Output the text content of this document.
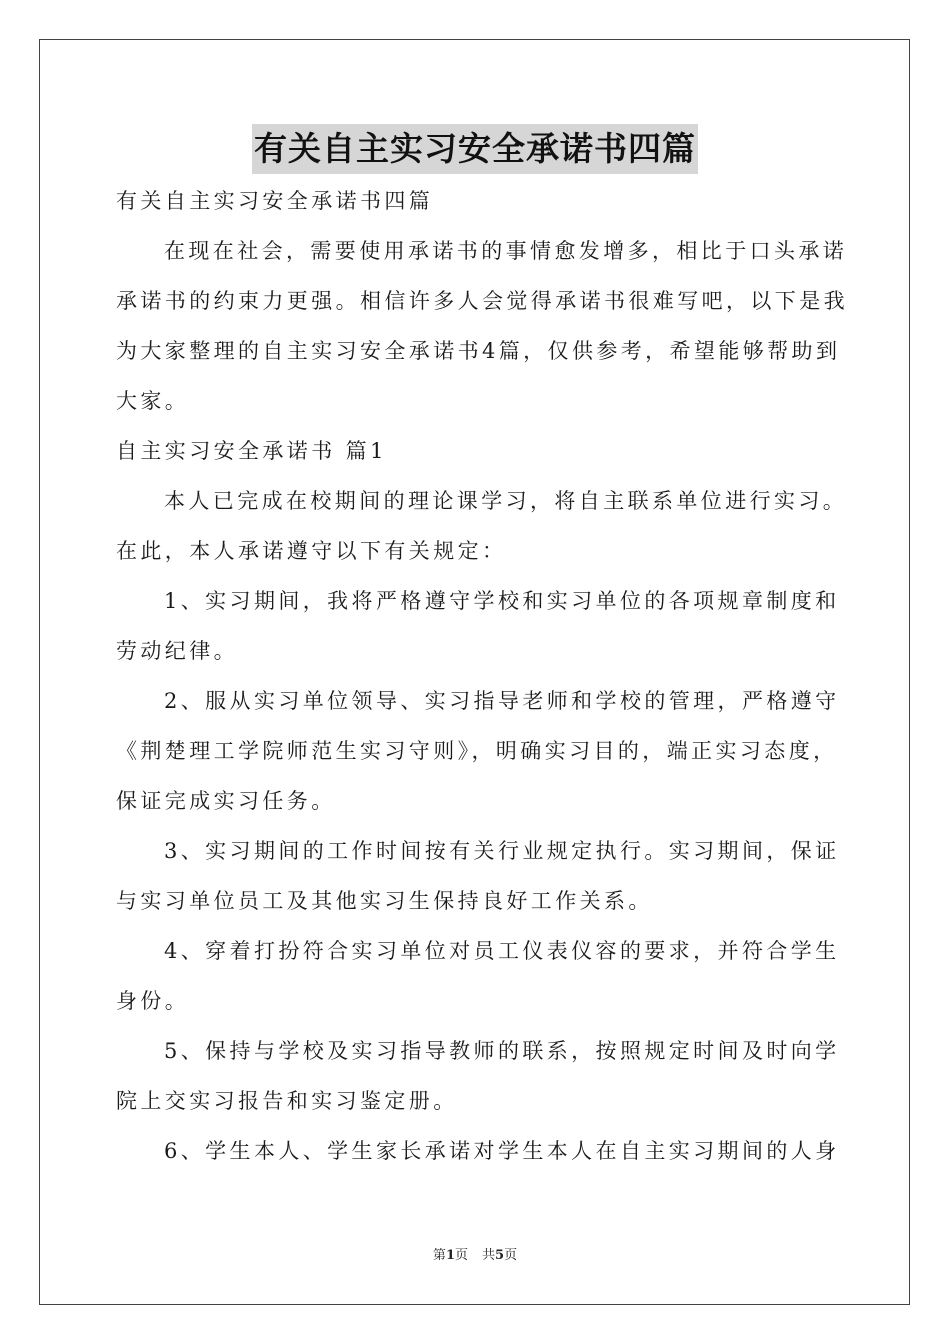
有关自主实习安全承诺书四篇
有关自主实习安全承诺书四篇
在现在社会，需要使用承诺书的事情愈发增多，相比于口头承诺
承诺书的约束力更强。相信许多人会觉得承诺书很难写吧，以下是我
为大家整理的自主实习安全承诺书4篇，仅供参考，希望能够帮助到
大家。
自主实习安全承诺书 篇1
本人已完成在校期间的理论课学习，将自主联系单位进行实习。
在此，本人承诺遵守以下有关规定：
1、实习期间，我将严格遵守学校和实习单位的各项规章制度和
劳动纪律。
2、服从实习单位领导、实习指导老师和学校的管理，严格遵守
《荆楚理工学院师范生实习守则》，明确实习目的，端正实习态度，
保证完成实习任务。
3、实习期间的工作时间按有关行业规定执行。实习期间，保证
与实习单位员工及其他实习生保持良好工作关系。
4、穿着打扮符合实习单位对员工仪表仪容的要求，并符合学生
身份。
5、保持与学校及实习指导教师的联系，按照规定时间及时向学
院上交实习报告和实习鉴定册。
6、学生本人、学生家长承诺对学生本人在自主实习期间的人身
第1页 共5页
